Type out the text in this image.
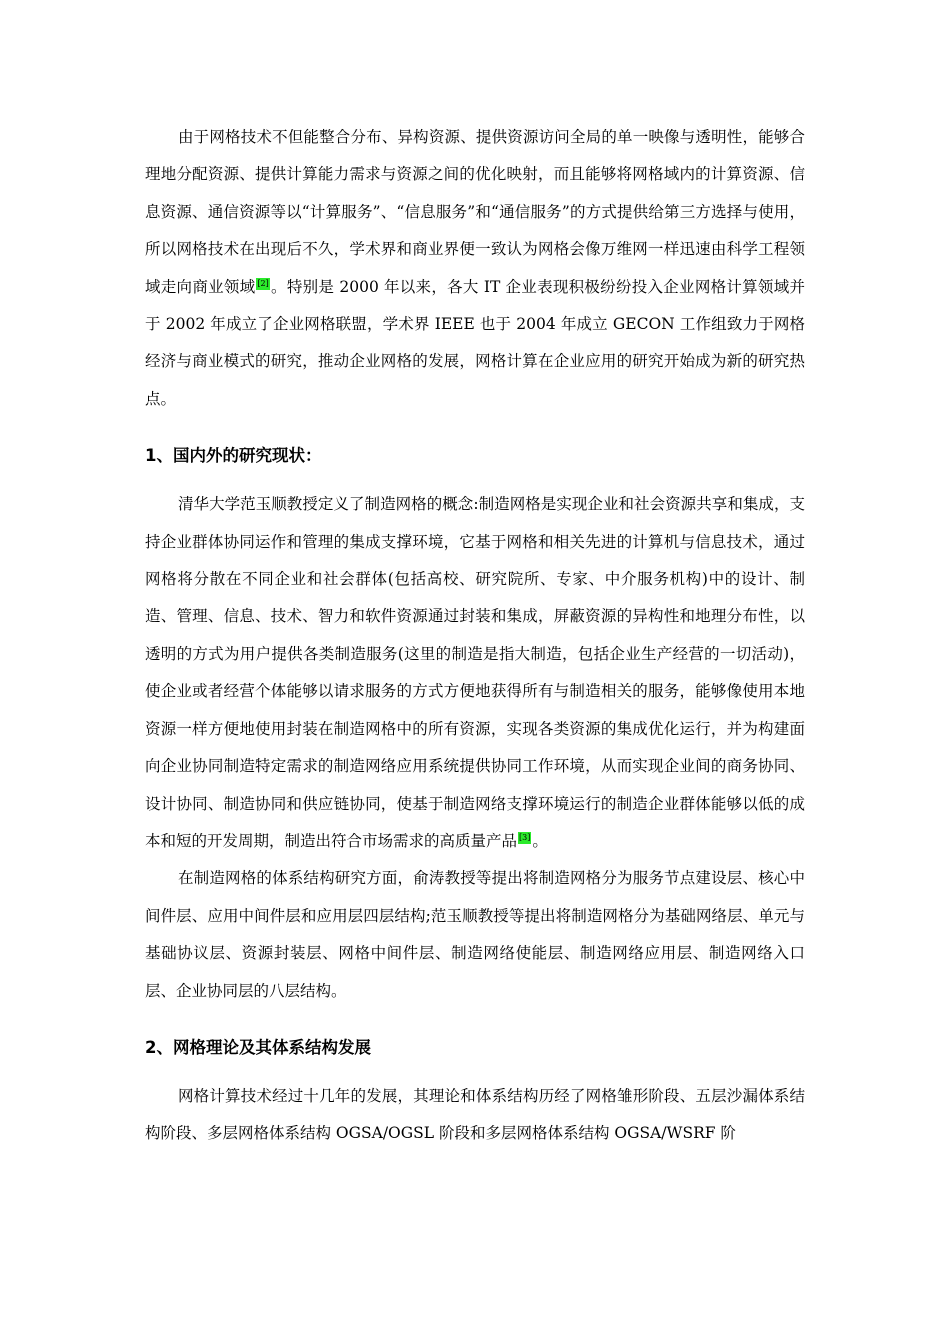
由于网格技术不但能整合分布、异构资源、提供资源访问全局的单一映像与透明性，能够合理地分配资源、提供计算能力需求与资源之间的优化映射，而且能够将网格域内的计算资源、信息资源、通信资源等以“计算服务”、“信息服务”和“通信服务”的方式提供给第三方选择与使用，所以网格技术在出现后不久，学术界和商业界便一致认为网格会像万维网一样迅速由科学工程领域走向商业领域 [2] 。特别是 2000 年以来，各大 IT 企业表现积极纷纷投入企业网格计算领域并于 2002 年成立了企业网格联盟，学术界 IEEE 也于 2004 年成立 GECON 工作组致力于网格经济与商业模式的研究，推动企业网格的发展，网格计算在企业应用的研究开始成为新的研究热点。

1、国内外的研究现状：

清华大学范玉顺教授定义了制造网格的概念:制造网格是实现企业和社会资源共享和集成，支持企业群体协同运作和管理的集成支撑环境，它基于网格和相关先进的计算机与信息技术，通过网格将分散在不同企业和社会群体(包括高校、研究院所、专家、中介服务机构)中的设计、制造、管理、信息、技术、智力和软件资源通过封装和集成，屏蔽资源的异构性和地理分布性，以透明的方式为用户提供各类制造服务(这里的制造是指大制造，包括企业生产经营的一切活动)，使企业或者经营个体能够以请求服务的方式方便地获得所有与制造相关的服务，能够像使用本地资源一样方便地使用封装在制造网格中的所有资源，实现各类资源的集成优化运行，并为构建面向企业协同制造特定需求的制造网络应用系统提供协同工作环境，从而实现企业间的商务协同、设计协同、制造协同和供应链协同，使基于制造网络支撑环境运行的制造企业群体能够以低的成本和短的开发周期，制造出符合市场需求的高质量产品 [3] 。

在制造网格的体系结构研究方面，俞涛教授等提出将制造网格分为服务节点建设层、核心中间件层、应用中间件层和应用层四层结构;范玉顺教授等提出将制造网格分为基础网络层、单元与基础协议层、资源封装层、网格中间件层、制造网络使能层、制造网络应用层、制造网络入口层、企业协同层的八层结构。

2、网格理论及其体系结构发展

网格计算技术经过十几年的发展，其理论和体系结构历经了网格雏形阶段、五层沙漏体系结构阶段、多层网格体系结构 OGSA/OGSL 阶段和多层网格体系结构 OGSA/WSRF 阶
